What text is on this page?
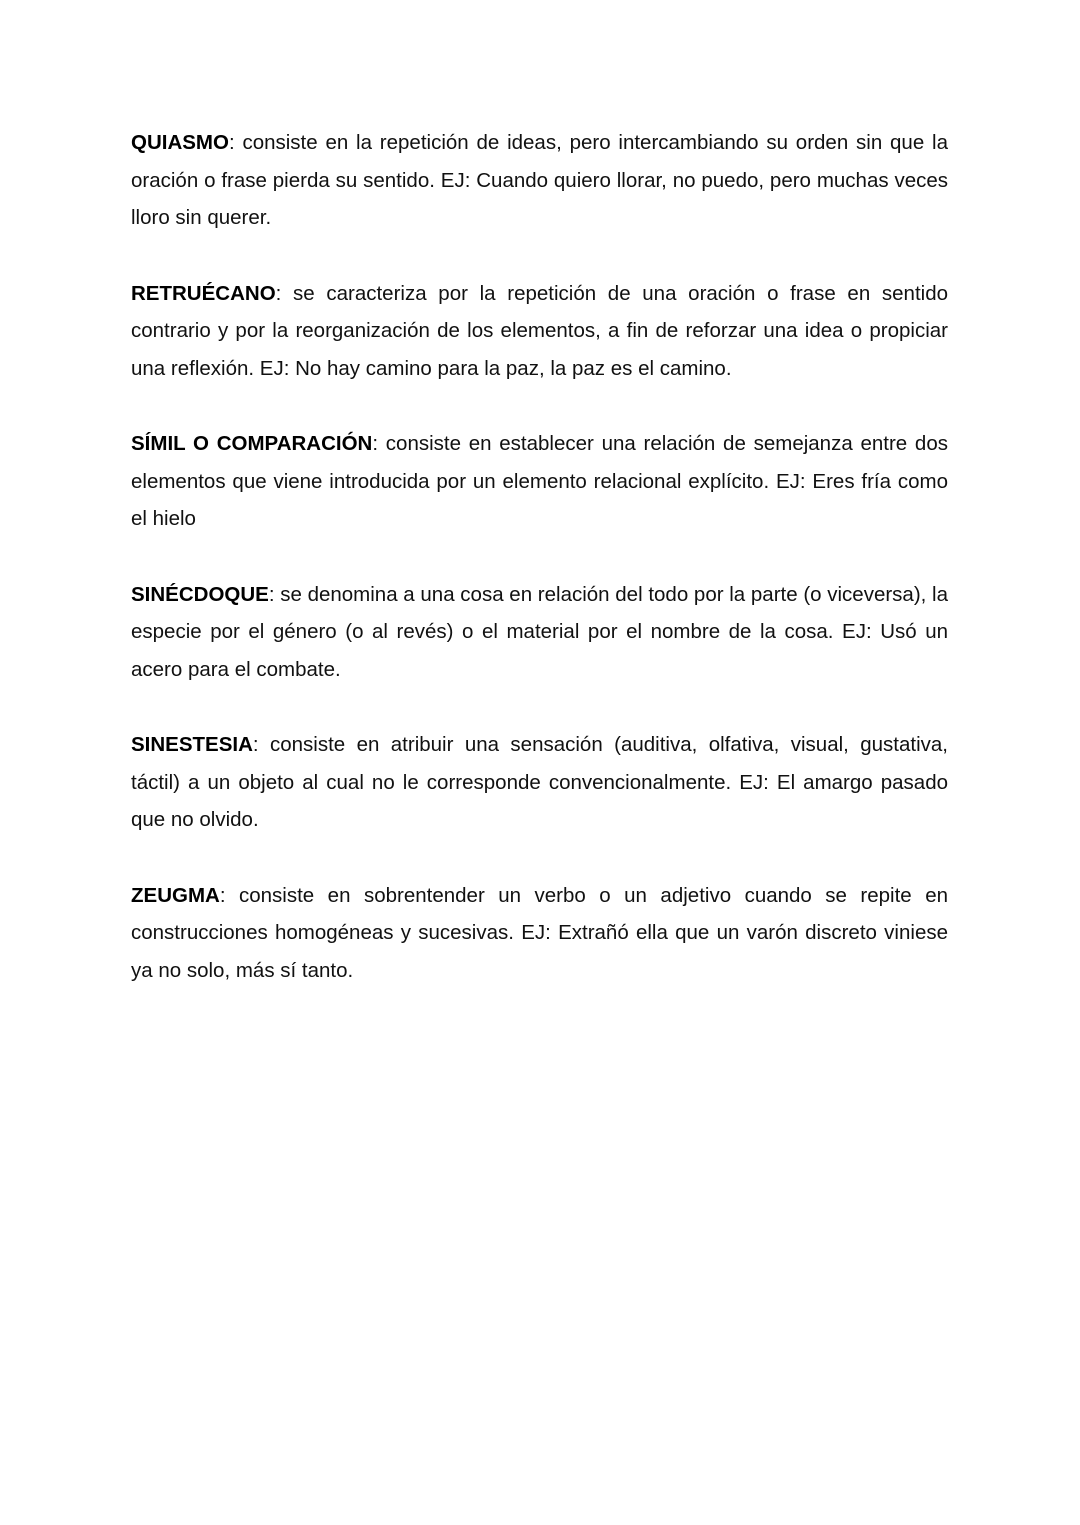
QUIASMO: consiste en la repetición de ideas, pero intercambiando su orden sin que la oración o frase pierda su sentido. EJ: Cuando quiero llorar, no puedo, pero muchas veces lloro sin querer.

RETRUÉCANO: se caracteriza por la repetición de una oración o frase en sentido contrario y por la reorganización de los elementos, a fin de reforzar una idea o propiciar una reflexión. EJ: No hay camino para la paz, la paz es el camino.

SÍMIL O COMPARACIÓN: consiste en establecer una relación de semejanza entre dos elementos que viene introducida por un elemento relacional explícito. EJ: Eres fría como el hielo

SINÉCDOQUE: se denomina a una cosa en relación del todo por la parte (o viceversa), la especie por el género (o al revés) o el material por el nombre de la cosa. EJ: Usó un acero para el combate.

SINESTESIA: consiste en atribuir una sensación (auditiva, olfativa, visual, gustativa, táctil) a un objeto al cual no le corresponde convencionalmente. EJ: El amargo pasado que no olvido.

ZEUGMA: consiste en sobrentender un verbo o un adjetivo cuando se repite en construcciones homogéneas y sucesivas. EJ: Extrañó ella que un varón discreto viniese ya no solo, más sí tanto.
